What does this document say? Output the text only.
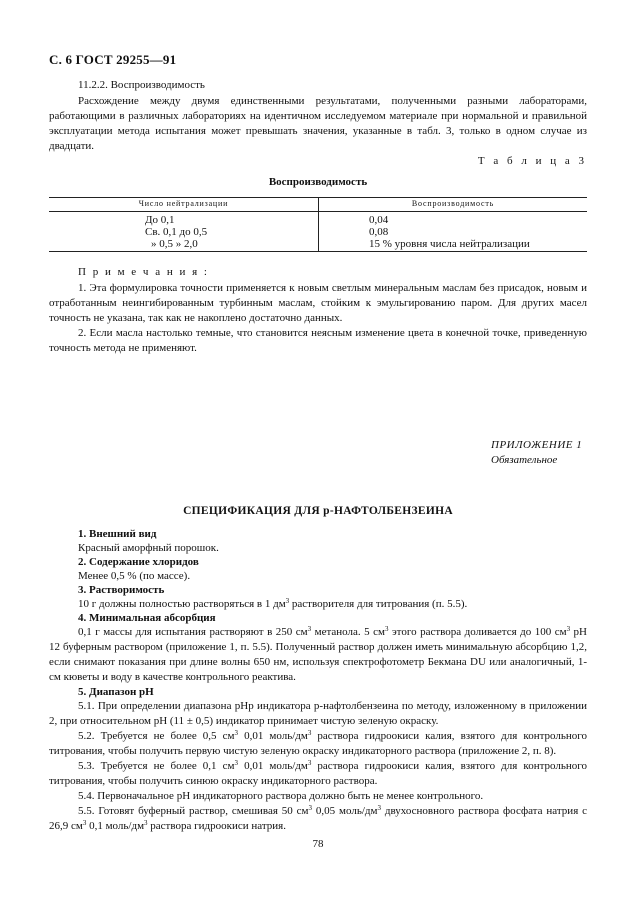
С. 6 ГОСТ 29255—91
11.2.2. Воспроизводимость
Расхождение между двумя единственными результатами, полученными разными лабораторами, работающими в различных лабораториях на идентичном исследуемом материале при нормальной и правильной эксплуатации метода испытания может превышать значения, указанные в табл. 3, только в одном случае из двадцати.
Т а б л и ц а 3
Воспроизводимость
Число нейтрализации	Воспроизводимость
До 0,1
Св. 0,1 до 0,5
» 0,5 » 2,0
0,04
0,08
15 % уровня числа нейтрализации
П р и м е ч а н и я :
1. Эта формулировка точности применяется к новым светлым минеральным маслам без присадок, новым и отработанным неингибированным турбинным маслам, стойким к эмульгированию паром. Для других масел точность не указана, так как не накоплено достаточно данных.
2. Если масла настолько темные, что становится неясным изменение цвета в конечной точке, приведенную точность метода не применяют.
ПРИЛОЖЕНИЕ 1
Обязательное
СПЕЦИФИКАЦИЯ ДЛЯ p-НАФТОЛБЕНЗЕИНА
1. Внешний вид
Красный аморфный порошок.
2. Содержание хлоридов
Менее 0,5 % (по массе).
3. Растворимость
10 г должны полностью растворяться в 1 $дм^3$ растворителя для титрования (п. 5.5).
4. Минимальная абсорбция
0,1 г массы для испытания растворяют в 250 $см^3$ метанола. 5 $см^3$ этого раствора доливается до 100 $см^3$ рН 12 буферным раствором (приложение 1, п. 5.5). Полученный раствор должен иметь минимальную абсорбцию 1,2, если снимают показания при длине волны 650 нм, используя спектрофотометр Бекмана DU или аналогичный, 1-см кюветы и воду в качестве контрольного реактива.
5. Диапазон рН
5.1. При определении диапазона рНр индикатора p-нафтолбензеина по методу, изложенному в приложении 2, при относительном рН (11 ± 0,5) индикатор принимает чистую зеленую окраску.
5.2. Требуется не более 0,5 $см^3$ 0,01 моль/$дм^3$ раствора гидроокиси калия, взятого для контрольного титрования, чтобы получить первую чистую зеленую окраску индикаторного раствора (приложение 2, п. 8).
5.3. Требуется не более 0,1 $см^3$ 0,01 моль/$дм^3$ раствора гидроокиси калия, взятого для контрольного титрования, чтобы получить синюю окраску индикаторного раствора.
5.4. Первоначальное рН индикаторного раствора должно быть не менее контрольного.
5.5. Готовят буферный раствор, смешивая 50 $см^3$ 0,05 моль/$дм^3$ двухосновного раствора фосфата натрия с 26,9 $см^3$ 0,1 моль/$дм^3$ раствора гидроокиси натрия.
78
